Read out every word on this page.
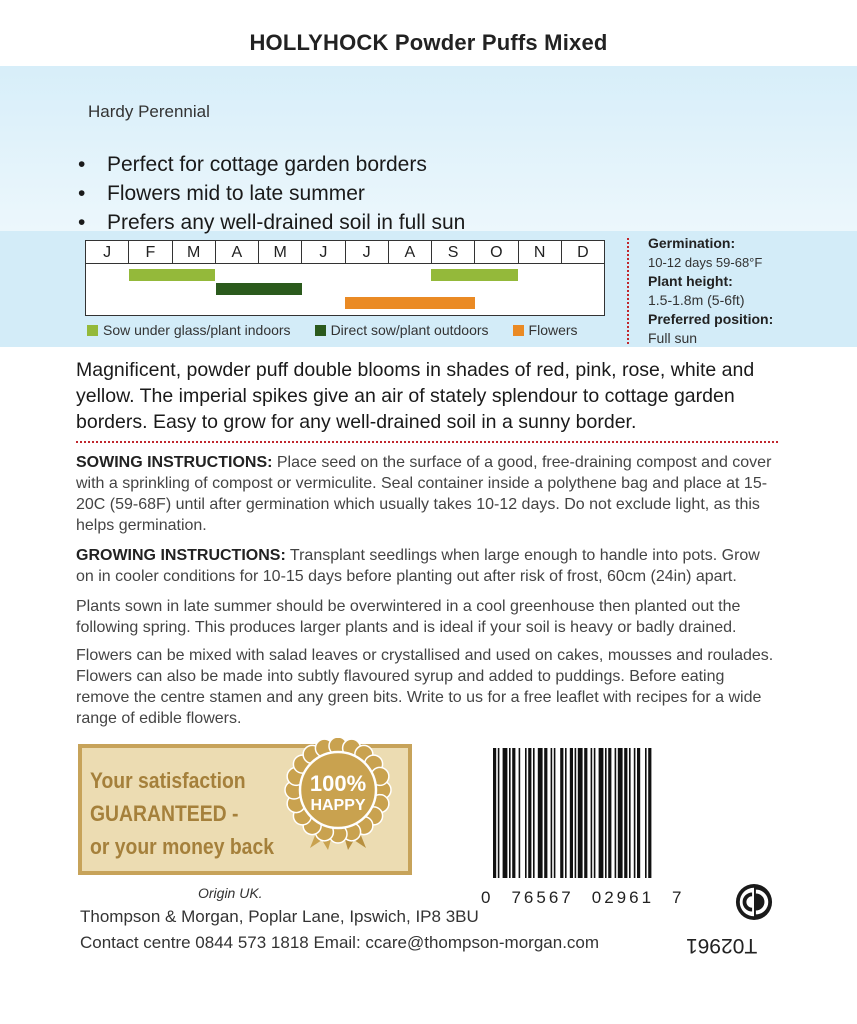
HOLLYHOCK Powder Puffs Mixed
Hardy Perennial
• Perfect for cottage garden borders
• Flowers mid to late summer
• Prefers any well-drained soil in full sun
J	F	M	A	M	J	J	A	S	O	N	D
Sow under glass/plant indoors	Direct sow/plant outdoors	Flowers
Germination:
10-12 days 59-68°F
Plant height:
1.5-1.8m (5-6ft)
Preferred position:
Full sun
Magnificent, powder puff double blooms in shades of red, pink, rose, white and yellow. The imperial spikes give an air of stately splendour to cottage garden borders. Easy to grow for any well-drained soil in a sunny border.
SOWING INSTRUCTIONS: Place seed on the surface of a good, free-draining compost and cover with a sprinkling of compost or vermiculite. Seal container inside a polythene bag and place at 15-20C (59-68F) until after germination which usually takes 10-12 days. Do not exclude light, as this helps germination.
GROWING INSTRUCTIONS: Transplant seedlings when large enough to handle into pots. Grow on in cooler conditions for 10-15 days before planting out after risk of frost, 60cm (24in) apart.
Plants sown in late summer should be overwintered in a cool greenhouse then planted out the following spring. This produces larger plants and is ideal if your soil is heavy or badly drained.
Flowers can be mixed with salad leaves or crystallised and used on cakes, mousses and roulades. Flowers can also be made into subtly flavoured syrup and added to puddings. Before eating remove the centre stamen and any green bits. Write to us for a free leaflet with recipes for a wide range of edible flowers.
Your satisfaction
GUARANTEED -
or your money back
100%
HAPPY
0 76567 02961 7
Origin UK.
Thompson & Morgan, Poplar Lane, Ipswich, IP8 3BU
Contact centre 0844 573 1818 Email: ccare@thompson-morgan.com	T02961
